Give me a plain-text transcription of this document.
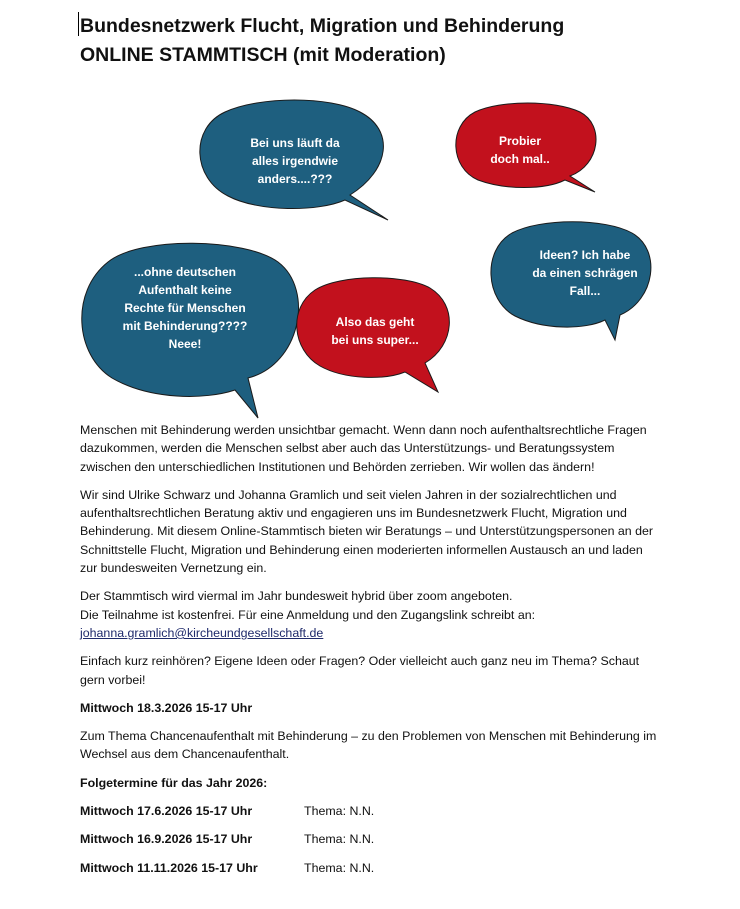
Bundesnetzwerk Flucht, Migration und Behinderung
ONLINE STAMMTISCH (mit Moderation)
Bei uns läuft da
alles irgendwie
anders....???
Probier
doch mal..
Ideen? Ich habe
da einen schrägen
Fall...
...ohne deutschen
Aufenthalt keine
Rechte für Menschen
mit Behinderung????
Neee!
Also das geht
bei uns super...

Menschen mit Behinderung werden unsichtbar gemacht. Wenn dann noch aufenthaltsrechtliche Fragen dazukommen, werden die Menschen selbst aber auch das Unterstützungs- und Beratungssystem zwischen den unterschiedlichen Institutionen und Behörden zerrieben. Wir wollen das ändern!

Wir sind Ulrike Schwarz und Johanna Gramlich und seit vielen Jahren in der sozialrechtlichen und aufenthaltsrechtlichen Beratung aktiv und engagieren uns im Bundesnetzwerk Flucht, Migration und Behinderung. Mit diesem Online-Stammtisch bieten wir Beratungs – und Unterstützungspersonen an der Schnittstelle Flucht, Migration und Behinderung einen moderierten informellen Austausch an und laden zur bundesweiten Vernetzung ein.

Der Stammtisch wird viermal im Jahr bundesweit hybrid über zoom angeboten.
Die Teilnahme ist kostenfrei. Für eine Anmeldung und den Zugangslink schreibt an:
johanna.gramlich@kircheundgesellschaft.de

Einfach kurz reinhören? Eigene Ideen oder Fragen? Oder vielleicht auch ganz neu im Thema? Schaut gern vorbei!

Mittwoch 18.3.2026 15-17 Uhr

Zum Thema Chancenaufenthalt mit Behinderung – zu den Problemen von Menschen mit Behinderung im Wechsel aus dem Chancenaufenthalt.

Folgetermine für das Jahr 2026:

Mittwoch 17.6.2026 15-17 Uhr	Thema: N.N.
Mittwoch 16.9.2026 15-17 Uhr	Thema: N.N.
Mittwoch 11.11.2026 15-17 Uhr	Thema: N.N.
